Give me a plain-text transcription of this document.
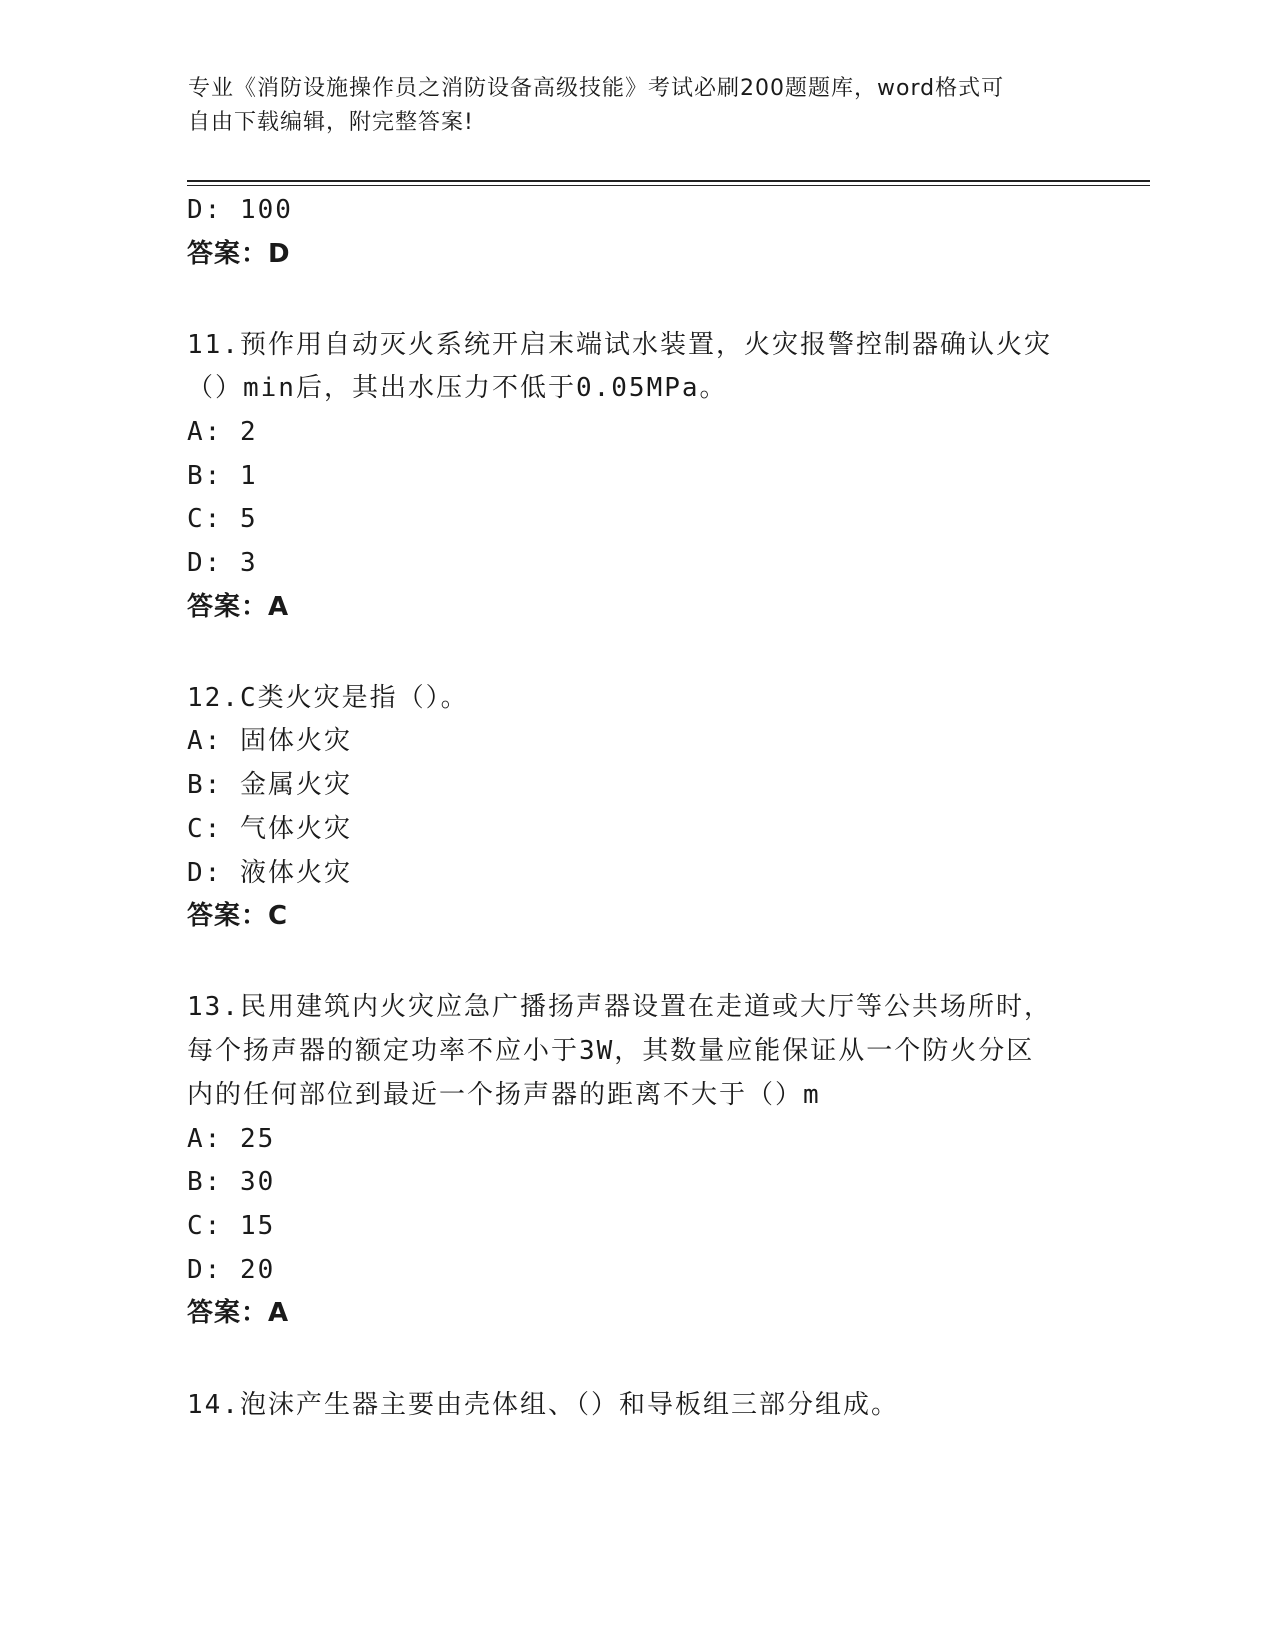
专业《消防设施操作员之消防设备高级技能》考试必刷200题题库，word格式可
自由下载编辑，附完整答案!
D: 100
答案：D
11.预作用自动灭火系统开启末端试水装置，火灾报警控制器确认火灾
（）min后，其出水压力不低于0.05MPa。
A: 2
B: 1
C: 5
D: 3
答案：A
12.C类火灾是指（）。
A: 固体火灾
B: 金属火灾
C: 气体火灾
D: 液体火灾
答案：C
13.民用建筑内火灾应急广播扬声器设置在走道或大厅等公共场所时，
每个扬声器的额定功率不应小于3W，其数量应能保证从一个防火分区
内的任何部位到最近一个扬声器的距离不大于（）m
A: 25
B: 30
C: 15
D: 20
答案：A
14.泡沫产生器主要由壳体组、（）和导板组三部分组成。
